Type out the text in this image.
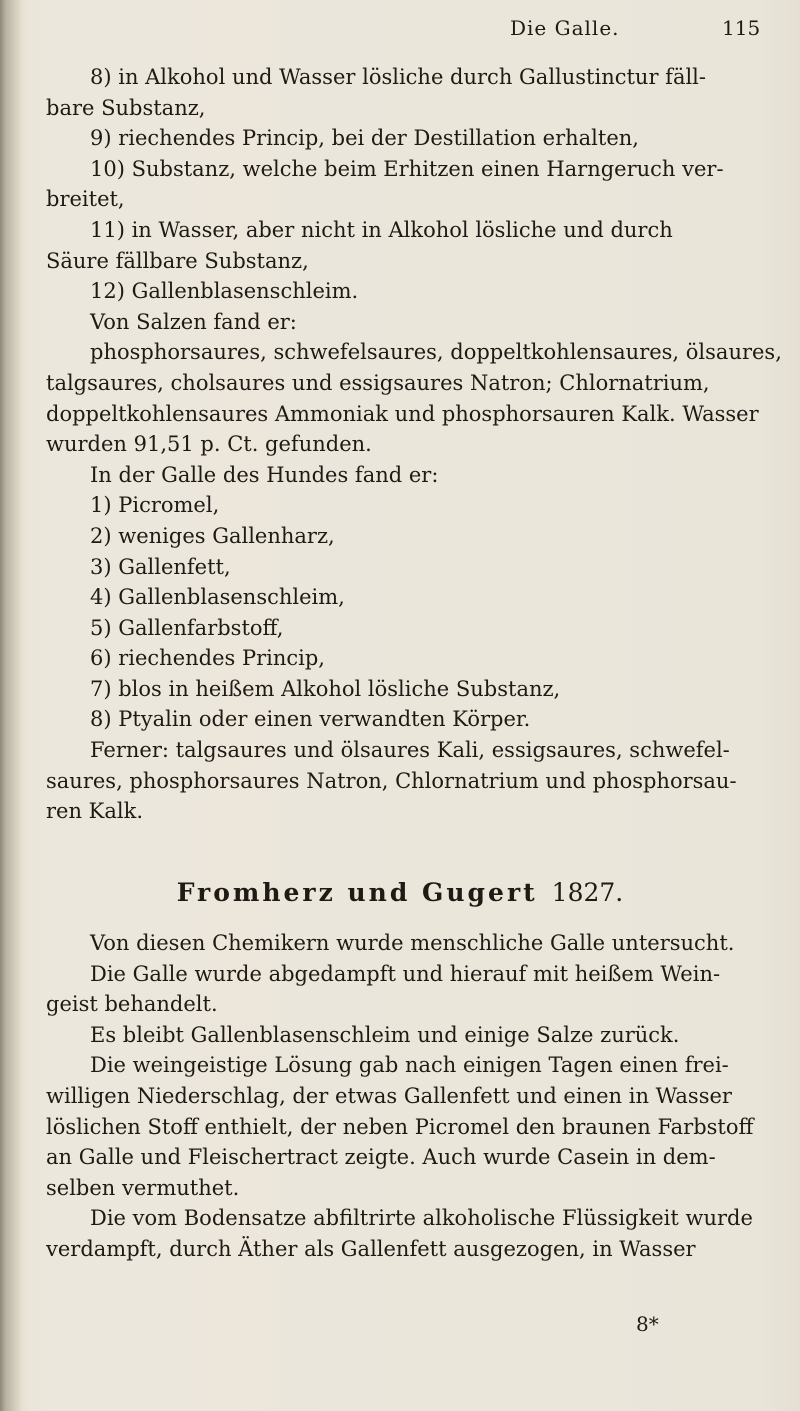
Die Galle.	115
8) in Alkohol und Wasser lösliche durch Gallustinctur fäll-
bare Substanz,
9) riechendes Princip, bei der Destillation erhalten,
10) Substanz, welche beim Erhitzen einen Harngeruch ver-
breitet,
11) in Wasser, aber nicht in Alkohol lösliche und durch
Säure fällbare Substanz,
12) Gallenblasenschleim.
Von Salzen fand er:
phosphorsaures, schwefelsaures, doppeltkohlensaures, ölsaures,
talgsaures, cholsaures und essigsaures Natron; Chlornatrium,
doppeltkohlensaures Ammoniak und phosphorsauren Kalk. Wasser
wurden 91,51 p. Ct. gefunden.
In der Galle des Hundes fand er:
1) Picromel,
2) weniges Gallenharz,
3) Gallenfett,
4) Gallenblasenschleim,
5) Gallenfarbstoff,
6) riechendes Princip,
7) blos in heißem Alkohol lösliche Substanz,
8) Ptyalin oder einen verwandten Körper.
Ferner: talgsaures und ölsaures Kali, essigsaures, schwefel-
saures, phosphorsaures Natron, Chlornatrium und phosphorsau-
ren Kalk.
Fromherz und Gugert 1827.
Von diesen Chemikern wurde menschliche Galle untersucht.
Die Galle wurde abgedampft und hierauf mit heißem Wein-
geist behandelt.
Es bleibt Gallenblasenschleim und einige Salze zurück.
Die weingeistige Lösung gab nach einigen Tagen einen frei-
willigen Niederschlag, der etwas Gallenfett und einen in Wasser
löslichen Stoff enthielt, der neben Picromel den braunen Farbstoff
an Galle und Fleischertract zeigte. Auch wurde Casein in dem-
selben vermuthet.
Die vom Bodensatze abfiltrirte alkoholische Flüssigkeit wurde
verdampft, durch Äther als Gallenfett ausgezogen, in Wasser
8*
